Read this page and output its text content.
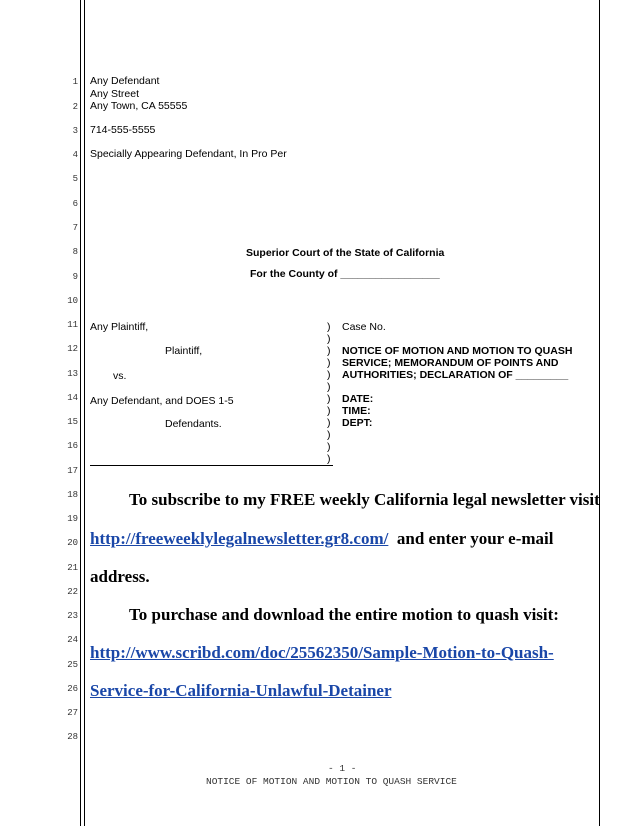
1
2
3
4
5
6
7
8
9
10
11
12
13
14
15
16
17
18
19
20
21
22
23
24
25
26
27
28
Any Defendant
Any Street
Any Town, CA 55555
714-555-5555
Specially Appearing Defendant, In Pro Per
Superior Court of the State of California
For the County of _________________
Any Plaintiff,
Plaintiff,
vs.
Any Defendant, and DOES 1-5
Defendants.
)
)
)
)
)
)
)
)
)
)
)
)
Case No.
NOTICE OF MOTION AND MOTION TO QUASH
SERVICE; MEMORANDUM OF POINTS AND
AUTHORITIES; DECLARATION OF _________
DATE:
TIME:
DEPT:
To subscribe to my FREE weekly California legal newsletter visit
http://freeweeklylegalnewsletter.gr8.com/ and enter your e-mail
address.
To purchase and download the entire motion to quash visit:
http://www.scribd.com/doc/25562350/Sample-Motion-to-Quash-
Service-for-California-Unlawful-Detainer
- 1 -
NOTICE OF MOTION AND MOTION TO QUASH SERVICE
